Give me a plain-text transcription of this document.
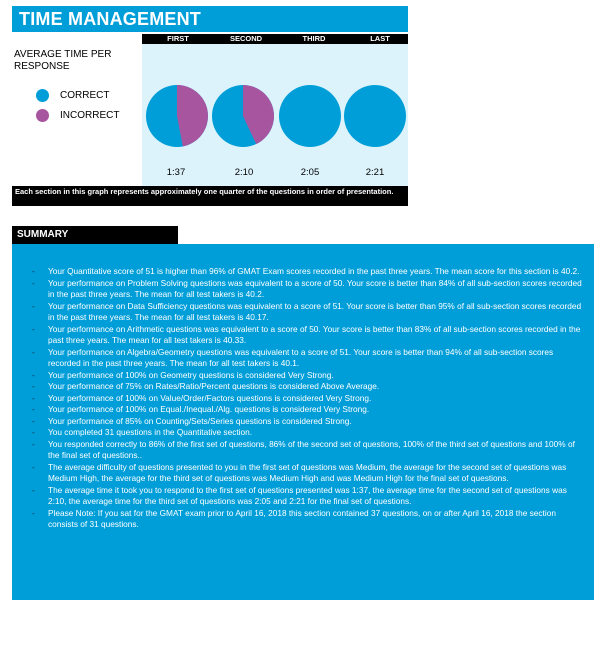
TIME MANAGEMENT
AVERAGE TIME PER RESPONSE
CORRECT
INCORRECT
FIRST	SECOND	THIRD	LAST
1:37	2:10	2:05	2:21
Each section in this graph represents approximately one quarter of the questions in order of presentation.
SUMMARY
- Your Quantitative score of 51 is higher than 96% of GMAT Exam scores recorded in the past three years. The mean score for this section is 40.2.
- Your performance on Problem Solving questions was equivalent to a score of 50. Your score is better than 84% of all sub-section scores recorded in the past three years. The mean for all test takers is 40.2.
- Your performance on Data Sufficiency questions was equivalent to a score of 51. Your score is better than 95% of all sub-section scores recorded in the past three years. The mean for all test takers is 40.17.
- Your performance on Arithmetic questions was equivalent to a score of 50. Your score is better than 83% of all sub-section scores recorded in the past three years. The mean for all test takers is 40.33.
- Your performance on Algebra/Geometry questions was equivalent to a score of 51. Your score is better than 94% of all sub-section scores recorded in the past three years. The mean for all test takers is 40.1.
- Your performance of 100% on Geometry questions is considered Very Strong.
- Your performance of 75% on Rates/Ratio/Percent questions is considered Above Average.
- Your performance of 100% on Value/Order/Factors questions is considered Very Strong.
- Your performance of 100% on Equal./Inequal./Alg. questions is considered Very Strong.
- Your performance of 85% on Counting/Sets/Series questions is considered Strong.
- You completed 31 questions in the Quantitative section.
- You responded correctly to 86% of the first set of questions, 86% of the second set of questions, 100% of the third set of questions and 100% of the final set of questions..
- The average difficulty of questions presented to you in the first set of questions was Medium, the average for the second set of questions was Medium High, the average for the third set of questions was Medium High and was Medium High for the final set of questions.
- The average time it took you to respond to the first set of questions presented was 1:37, the average time for the second set of questions was 2:10, the average time for the third set of questions was 2:05 and 2:21 for the final set of questions.
- Please Note: If you sat for the GMAT exam prior to April 16, 2018 this section contained 37 questions, on or after April 16, 2018 the section consists of 31 questions.
